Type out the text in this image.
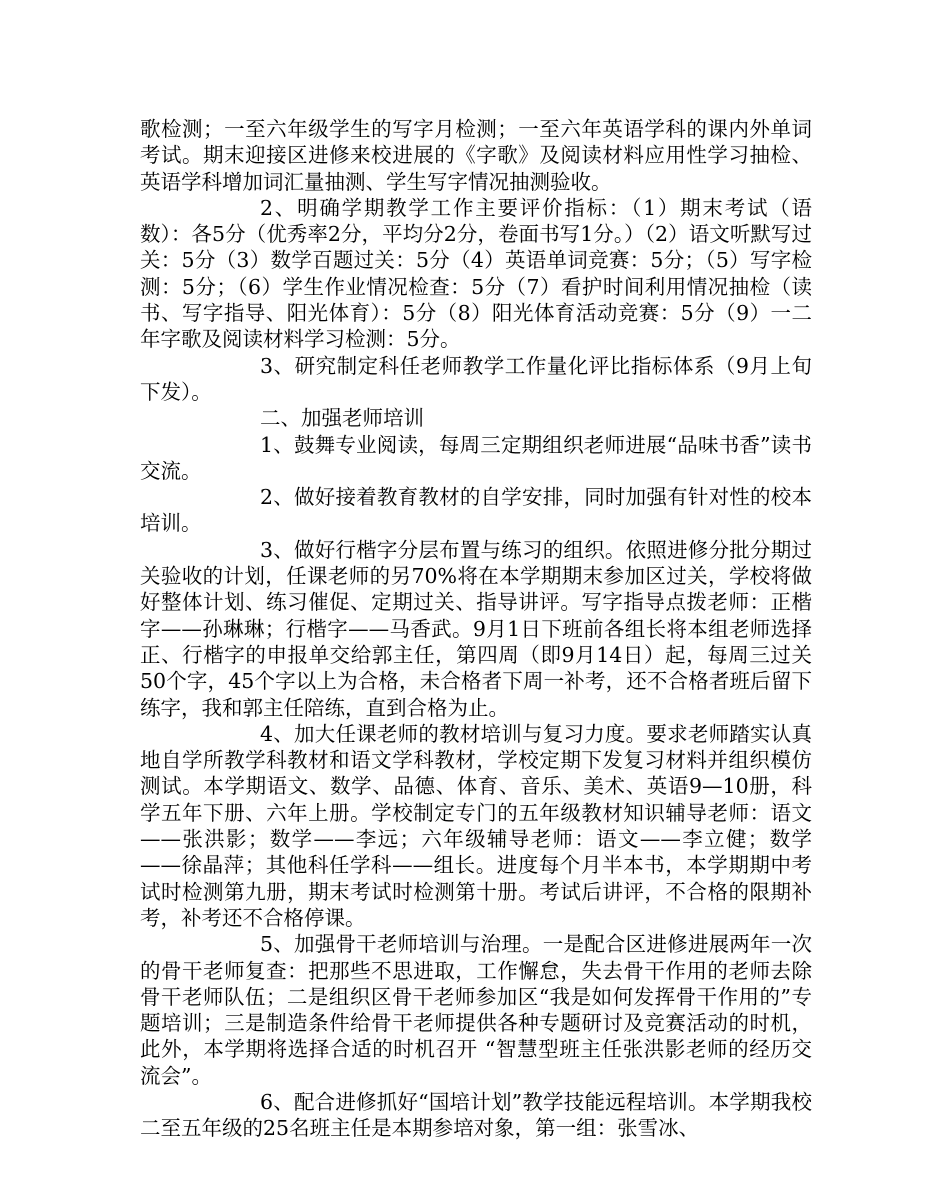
歌检测；一至六年级学生的写字月检测；一至六年英语学科的课内外单词考试。期末迎接区进修来校进展的《字歌》及阅读材料应用性学习抽检、英语学科增加词汇量抽测、学生写字情况抽测验收。

2、明确学期教学工作主要评价指标：（1）期末考试（语数）：各5分（优秀率2分，平均分2分，卷面书写1分。）（2）语文听默写过关：5分（3）数学百题过关：5分（4）英语单词竞赛：5分；（5）写字检测：5分；（6）学生作业情况检查：5分（7）看护时间利用情况抽检（读书、写字指导、阳光体育）：5分（8）阳光体育活动竞赛：5分（9）一二年字歌及阅读材料学习检测：5分。

3、研究制定科任老师教学工作量化评比指标体系（9月上旬下发）。

二、加强老师培训

1、鼓舞专业阅读，每周三定期组织老师进展“品味书香”读书交流。

2、做好接着教育教材的自学安排，同时加强有针对性的校本培训。

3、做好行楷字分层布置与练习的组织。依照进修分批分期过关验收的计划，任课老师的另70%将在本学期期末参加区过关，学校将做好整体计划、练习催促、定期过关、指导讲评。写字指导点拨老师：正楷字——孙琳琳；行楷字——马香武。9月1日下班前各组长将本组老师选择正、行楷字的申报单交给郭主任，第四周（即9月14日）起，每周三过关50个字，45个字以上为合格，未合格者下周一补考，还不合格者班后留下练字，我和郭主任陪练，直到合格为止。

4、加大任课老师的教材培训与复习力度。要求老师踏实认真地自学所教学科教材和语文学科教材，学校定期下发复习材料并组织模仿测试。本学期语文、数学、品德、体育、音乐、美术、英语9—10册，科学五年下册、六年上册。学校制定专门的五年级教材知识辅导老师：语文——张洪影；数学——李远；六年级辅导老师：语文——李立健；数学——徐晶萍；其他科任学科——组长。进度每个月半本书，本学期期中考试时检测第九册，期末考试时检测第十册。考试后讲评，不合格的限期补考，补考还不合格停课。

5、加强骨干老师培训与治理。一是配合区进修进展两年一次的骨干老师复查：把那些不思进取，工作懈怠，失去骨干作用的老师去除骨干老师队伍；二是组织区骨干老师参加区“我是如何发挥骨干作用的”专题培训；三是制造条件给骨干老师提供各种专题研讨及竞赛活动的时机，此外，本学期将选择合适的时机召开 “智慧型班主任张洪影老师的经历交流会”。

6、配合进修抓好“国培计划”教学技能远程培训。本学期我校二至五年级的25名班主任是本期参培对象，第一组：张雪冰、
